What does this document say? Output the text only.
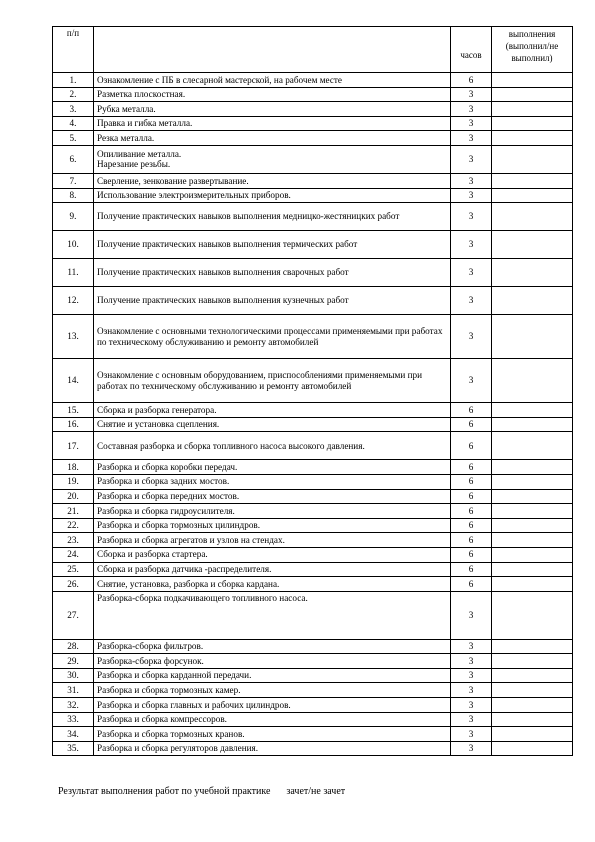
п/п		часов	выполнения (выполнил/не выполнил)
1.	Ознакомление с ПБ в слесарной мастерской, на рабочем месте	6	
2.	Разметка плоскостная.	3	
3.	Рубка металла.	3	
4.	Правка и гибка металла.	3	
5.	Резка металла.	3	
6.	Опиливание металла.
Нарезание резьбы.	3	
7.	Сверление, зенкование развертывание.	3	
8.	Использование электроизмерительных приборов.	3	
9.	Получение практических навыков выполнения медницко-жестяницких работ	3	
10.	Получение практических навыков выполнения термических работ	3	
11.	Получение практических навыков выполнения сварочных работ	3	
12.	Получение практических навыков выполнения кузнечных работ	3	
13.	Ознакомление с основными технологическими процессами применяемыми при работах по техническому обслуживанию и ремонту автомобилей	3	
14.	Ознакомление с основным оборудованием, приспособлениями применяемыми при работах по техническому обслуживанию и ремонту автомобилей	3	
15.	Сборка и разборка генератора.	6	
16.	Снятие и установка сцепления.	6	
17.	Составная разборка и сборка топливного насоса высокого давления.	6	
18.	Разборка и сборка коробки передач.	6	
19.	Разборка и сборка задних мостов.	6	
20.	Разборка и сборка передних мостов.	6	
21.	Разборка и сборка гидроусилителя.	6	
22.	Разборка и сборка тормозных цилиндров.	6	
23.	Разборка и сборка агрегатов и узлов на стендах.	6	
24.	Сборка и разборка стартера.	6	
25.	Сборка и разборка датчика -распределителя.	6	
26.	Снятие, установка, разборка и сборка кардана.	6	
27.	Разборка-сборка подкачивающего топливного насоса.	3	
28.	Разборка-сборка фильтров.	3	
29.	Разборка-сборка форсунок.	3	
30.	Разборка и сборка карданной передачи.	3	
31.	Разборка и сборка тормозных камер.	3	
32.	Разборка и сборка главных и рабочих цилиндров.	3	
33.	Разборка и сборка компрессоров.	3	
34.	Разборка и сборка тормозных кранов.	3	
35.	Разборка и сборка регуляторов давления.	3	
Результат выполнения работ по учебной практике зачет/не зачет
